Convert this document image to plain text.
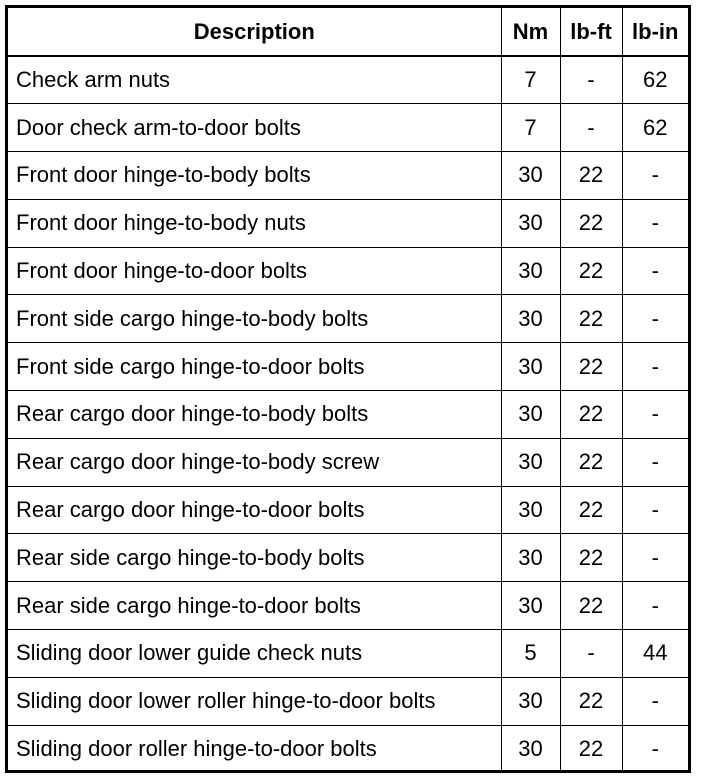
Description	Nm	lb-ft	lb-in
Check arm nuts	7	-	62
Door check arm-to-door bolts	7	-	62
Front door hinge-to-body bolts	30	22	-
Front door hinge-to-body nuts	30	22	-
Front door hinge-to-door bolts	30	22	-
Front side cargo hinge-to-body bolts	30	22	-
Front side cargo hinge-to-door bolts	30	22	-
Rear cargo door hinge-to-body bolts	30	22	-
Rear cargo door hinge-to-body screw	30	22	-
Rear cargo door hinge-to-door bolts	30	22	-
Rear side cargo hinge-to-body bolts	30	22	-
Rear side cargo hinge-to-door bolts	30	22	-
Sliding door lower guide check nuts	5	-	44
Sliding door lower roller hinge-to-door bolts	30	22	-
Sliding door roller hinge-to-door bolts	30	22	-
